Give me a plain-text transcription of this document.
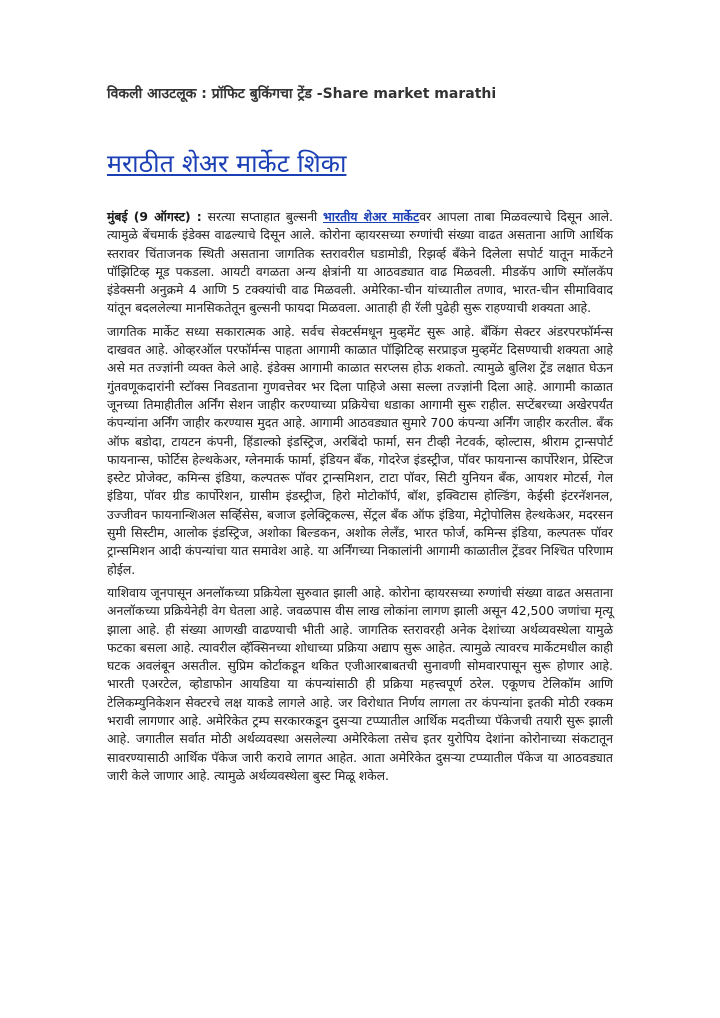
विकली आउटलूक : प्रॉफिट बुकिंगचा ट्रेंड -Share market marathi
मराठीत शेअर मार्केट शिका

मुंबई (9 ऑगस्ट) : सरत्या सप्ताहात बुल्सनी भारतीय शेअर मार्केटवर आपला ताबा मिळवल्याचे दिसून आले. त्यामुळे बेंचमार्क इंडेक्स वाढल्याचे दिसून आले. कोरोना व्हायरसच्या रुग्णांची संख्या वाढत असताना आणि आर्थिक स्तरावर चिंताजनक स्थिती असताना जागतिक स्तरावरील घडामोडी, रिझर्व्ह बँकेने दिलेला सपोर्ट यातून मार्केटने पॉझिटिव्ह मूड पकडला. आयटी वगळता अन्य क्षेत्रांनी या आठवड्यात वाढ मिळवली. मीडकॅप आणि स्मॉलकॅप इंडेक्सनी अनुक्रमे 4 आणि 5 टक्क्यांची वाढ मिळवली. अमेरिका-चीन यांच्यातील तणाव, भारत-चीन सीमाविवाद यांतून बदललेल्या मानसिकतेतून बुल्सनी फायदा मिळवला. आताही ही रॅली पुढेही सुरू राहण्याची शक्यता आहे.

जागतिक मार्केट सध्या सकारात्मक आहे. सर्वच सेक्टर्समधून मुव्हमेंट सुरू आहे. बँकिंग सेक्टर अंडरपरफॉर्मन्स दाखवत आहे. ओव्हरऑल परफॉर्मन्स पाहता आगामी काळात पॉझिटिव्ह सरप्राइज मुव्हमेंट दिसण्याची शक्यता आहे असे मत तज्ज्ञांनी व्यक्त केले आहे. इंडेक्स आगामी काळात सरप्लस होऊ शकतो. त्यामुळे बुलिश ट्रेंड लक्षात घेऊन गुंतवणूकदारांनी स्टॉक्स निवडताना गुणवत्तेवर भर दिला पाहिजे असा सल्ला तज्ज्ञांनी दिला आहे. आगामी काळात जूनच्या तिमाहीतील अर्निंग सेशन जाहीर करण्याच्या प्रक्रियेचा धडाका आगामी सुरू राहील. सप्टेंबरच्या अखेरपर्यंत कंपन्यांना अर्निंग जाहीर करण्यास मुदत आहे. आगामी आठवड्यात सुमारे 700 कंपन्या अर्निंग जाहीर करतील. बँक ऑफ बडोदा, टायटन कंपनी, हिंडाल्को इंडस्ट्रिज, अरबिंदो फार्मा, सन टीव्ही नेटवर्क, व्होल्टास, श्रीराम ट्रान्सपोर्ट फायनान्स, फोर्टिस हेल्थकेअर, ग्लेनमार्क फार्मा, इंडियन बँक, गोदरेज इंडस्ट्रीज, पॉवर फायनान्स कार्पोरेशन, प्रेस्टिज इस्टेट प्रोजेक्ट, कमिन्स इंडिया, कल्पतरू पॉवर ट्रान्समिशन, टाटा पॉवर, सिटी युनियन बँक, आयशर मोटर्स, गेल इंडिया, पॉवर ग्रीड कार्पोरेशन, ग्रासीम इंडस्ट्रीज, हिरो मोटोकॉर्प, बॉश, इक्विटास होल्डिंग, केईसी इंटरनॅशनल, उज्जीवन फायनान्शिअल सर्व्हिसेस, बजाज इलेक्ट्रिकल्स, सेंट्रल बँक ऑफ इंडिया, मेट्रोपोलिस हेल्थकेअर, मदरसन सुमी सिस्टीम, आलोक इंडस्ट्रिज, अशोका बिल्डकन, अशोक लेलँड, भारत फोर्ज, कमिन्स इंडिया, कल्पतरू पॉवर ट्रान्समिशन आदी कंपन्यांचा यात समावेश आहे. या अर्निंगच्या निकालांनी आगामी काळातील ट्रेंडवर निश्चित परिणाम होईल.

याशिवाय जूनपासून अनलॉकच्या प्रक्रियेला सुरुवात झाली आहे. कोरोना व्हायरसच्या रुग्णांची संख्या वाढत असताना अनलॉकच्या प्रक्रियेनेही वेग घेतला आहे. जवळपास वीस लाख लोकांना लागण झाली असून 42,500 जणांचा मृत्यू झाला आहे. ही संख्या आणखी वाढण्याची भीती आहे. जागतिक स्तरावरही अनेक देशांच्या अर्थव्यवस्थेला यामुळे फटका बसला आहे. त्यावरील व्हॅक्सिनच्या शोधाच्या प्रक्रिया अद्याप सुरू आहेत. त्यामुळे त्यावरच मार्केटमधील काही घटक अवलंबून असतील. सुप्रिम कोर्टाकडून थकित एजीआरबाबतची सुनावणी सोमवारपासून सुरू होणार आहे. भारती एअरटेल, व्होडाफोन आयडिया या कंपन्यांसाठी ही प्रक्रिया महत्त्वपूर्ण ठरेल. एकूणच टेलिकॉम आणि टेलिकम्युनिकेशन सेक्टरचे लक्ष याकडे लागले आहे. जर विरोधात निर्णय लागला तर कंपन्यांना इतकी मोठी रक्कम भरावी लागणार आहे. अमेरिकेत ट्रम्प सरकारकडून दुसऱ्या टप्प्यातील आर्थिक मदतीच्या पॅकेजची तयारी सुरू झाली आहे. जगातील सर्वात मोठी अर्थव्यवस्था असलेल्या अमेरिकेला तसेच इतर युरोपिय देशांना कोरोनाच्या संकटातून सावरण्यासाठी आर्थिक पॅकेज जारी करावे लागत आहेत. आता अमेरिकेत दुसऱ्या टप्प्यातील पॅकेज या आठवड्यात जारी केले जाणार आहे. त्यामुळे अर्थव्यवस्थेला बुस्ट मिळू शकेल.
